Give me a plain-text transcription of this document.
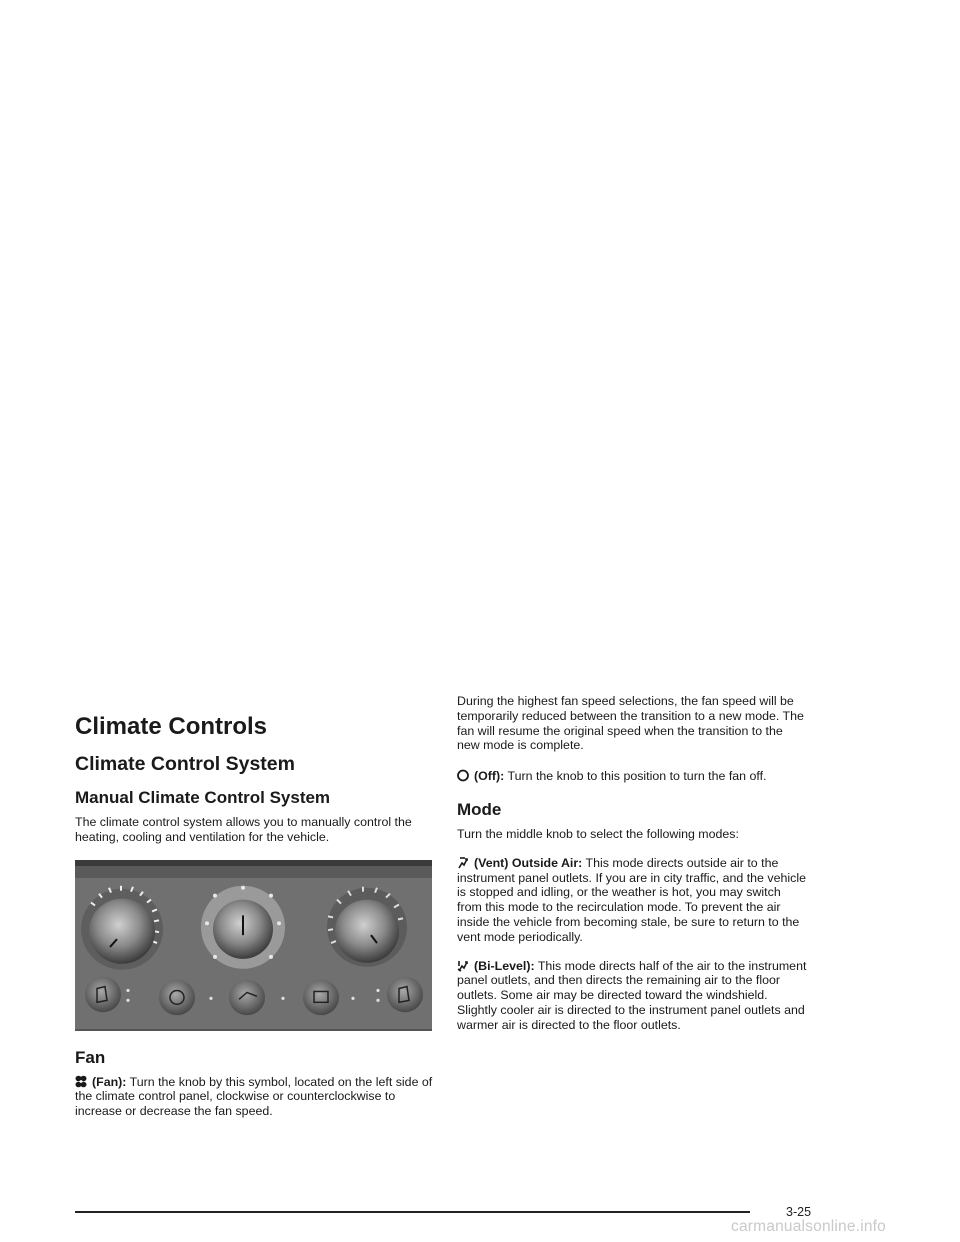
Climate Controls
Climate Control System
Manual Climate Control System

The climate control system allows you to manually control the heating, cooling and ventilation for the vehicle.

Fan

(Fan): Turn the knob by this symbol, located on the left side of the climate control panel, clockwise or counterclockwise to increase or decrease the fan speed.

During the highest fan speed selections, the fan speed will be temporarily reduced between the transition to a new mode. The fan will resume the original speed when the transition to the new mode is complete.

(Off): Turn the knob to this position to turn the fan off.

Mode

Turn the middle knob to select the following modes:

(Vent) Outside Air: This mode directs outside air to the instrument panel outlets. If you are in city traffic, and the vehicle is stopped and idling, or the weather is hot, you may switch from this mode to the recirculation mode. To prevent the air inside the vehicle from becoming stale, be sure to return to the vent mode periodically.

(Bi-Level): This mode directs half of the air to the instrument panel outlets, and then directs the remaining air to the floor outlets. Some air may be directed toward the windshield. Slightly cooler air is directed to the instrument panel outlets and warmer air is directed to the floor outlets.

3-25
carmanualsonline.info
